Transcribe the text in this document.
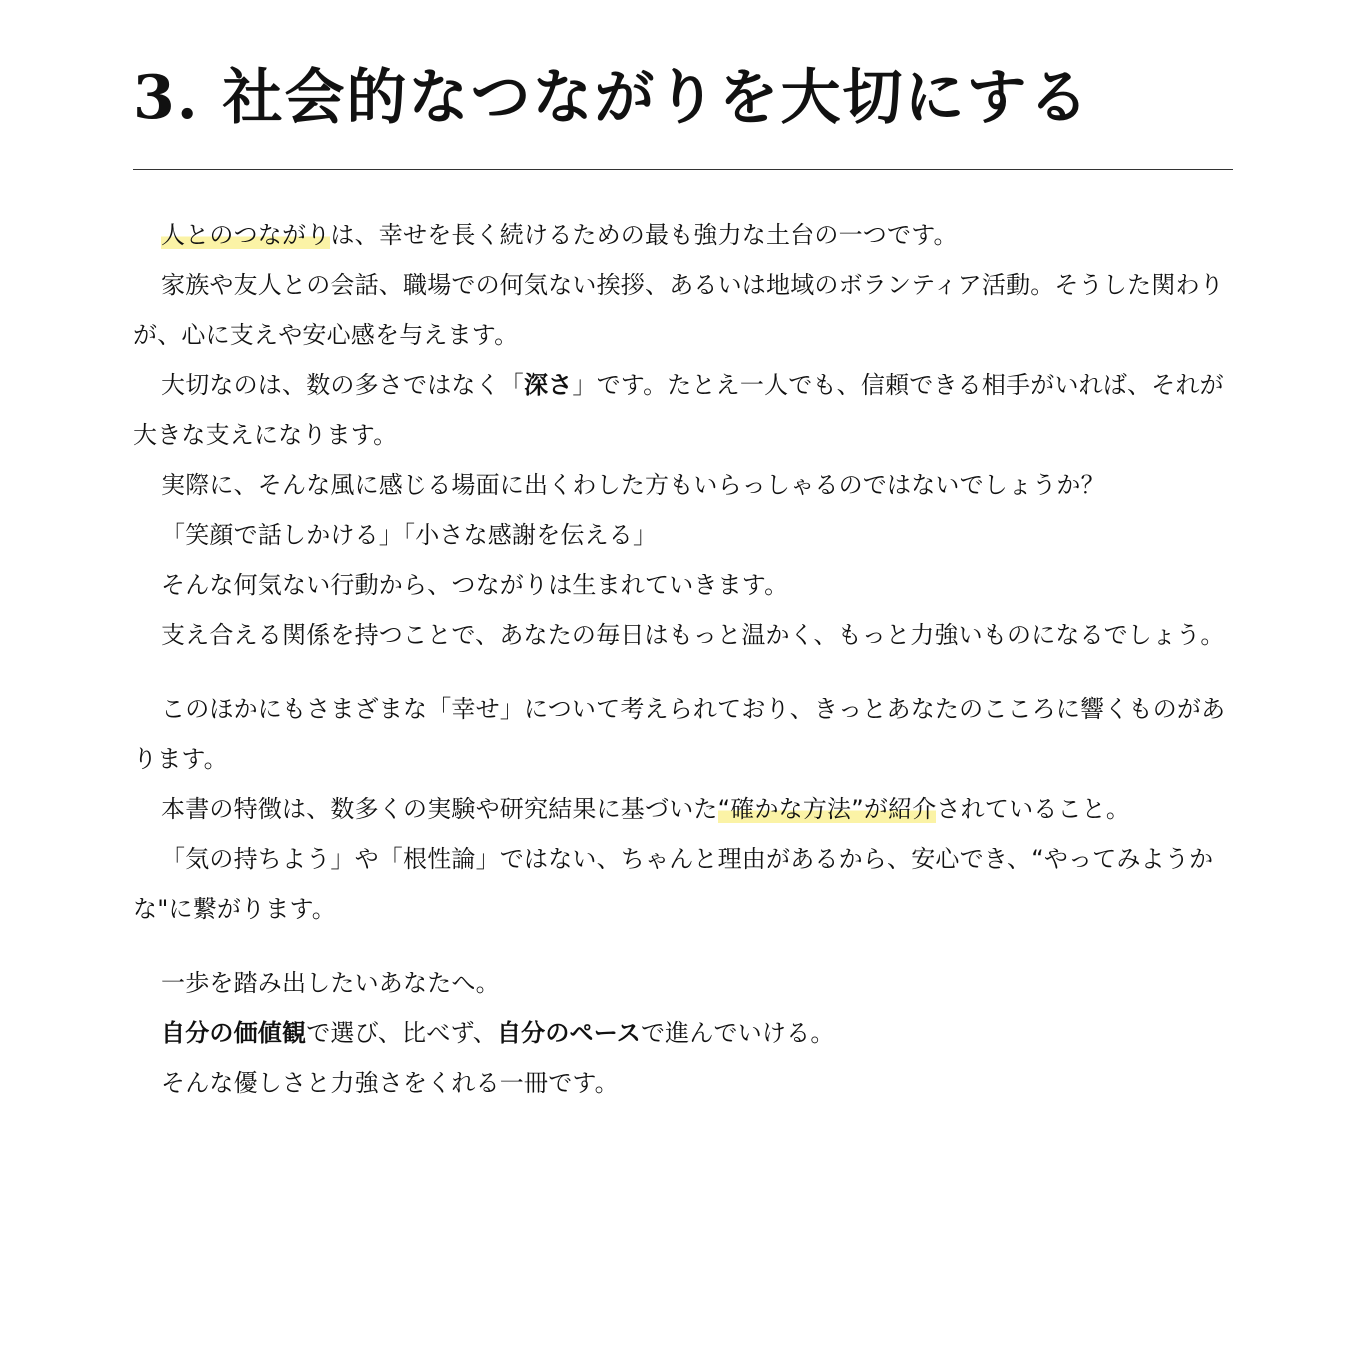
3. 社会的なつながりを大切にする

人とのつながりは、幸せを長く続けるための最も強力な土台の一つです。

家族や友人との会話、職場での何気ない挨拶、あるいは地域のボランティア活動。そうした関わりが、心に支えや安心感を与えます。

大切なのは、数の多さではなく「深さ」です。たとえ一人でも、信頼できる相手がいれば、それが大きな支えになります。

実際に、そんな風に感じる場面に出くわした方もいらっしゃるのではないでしょうか？

「笑顔で話しかける」「小さな感謝を伝える」

そんな何気ない行動から、つながりは生まれていきます。

支え合える関係を持つことで、あなたの毎日はもっと温かく、もっと力強いものになるでしょう。

このほかにもさまざまな「幸せ」について考えられており、きっとあなたのこころに響くものがあります。

本書の特徴は、数多くの実験や研究結果に基づいた“確かな方法”が紹介されていること。

「気の持ちよう」や「根性論」ではない、ちゃんと理由があるから、安心でき、“やってみようかな"に繋がります。

一歩を踏み出したいあなたへ。

自分の価値観で選び、比べず、自分のペースで進んでいける。

そんな優しさと力強さをくれる一冊です。
